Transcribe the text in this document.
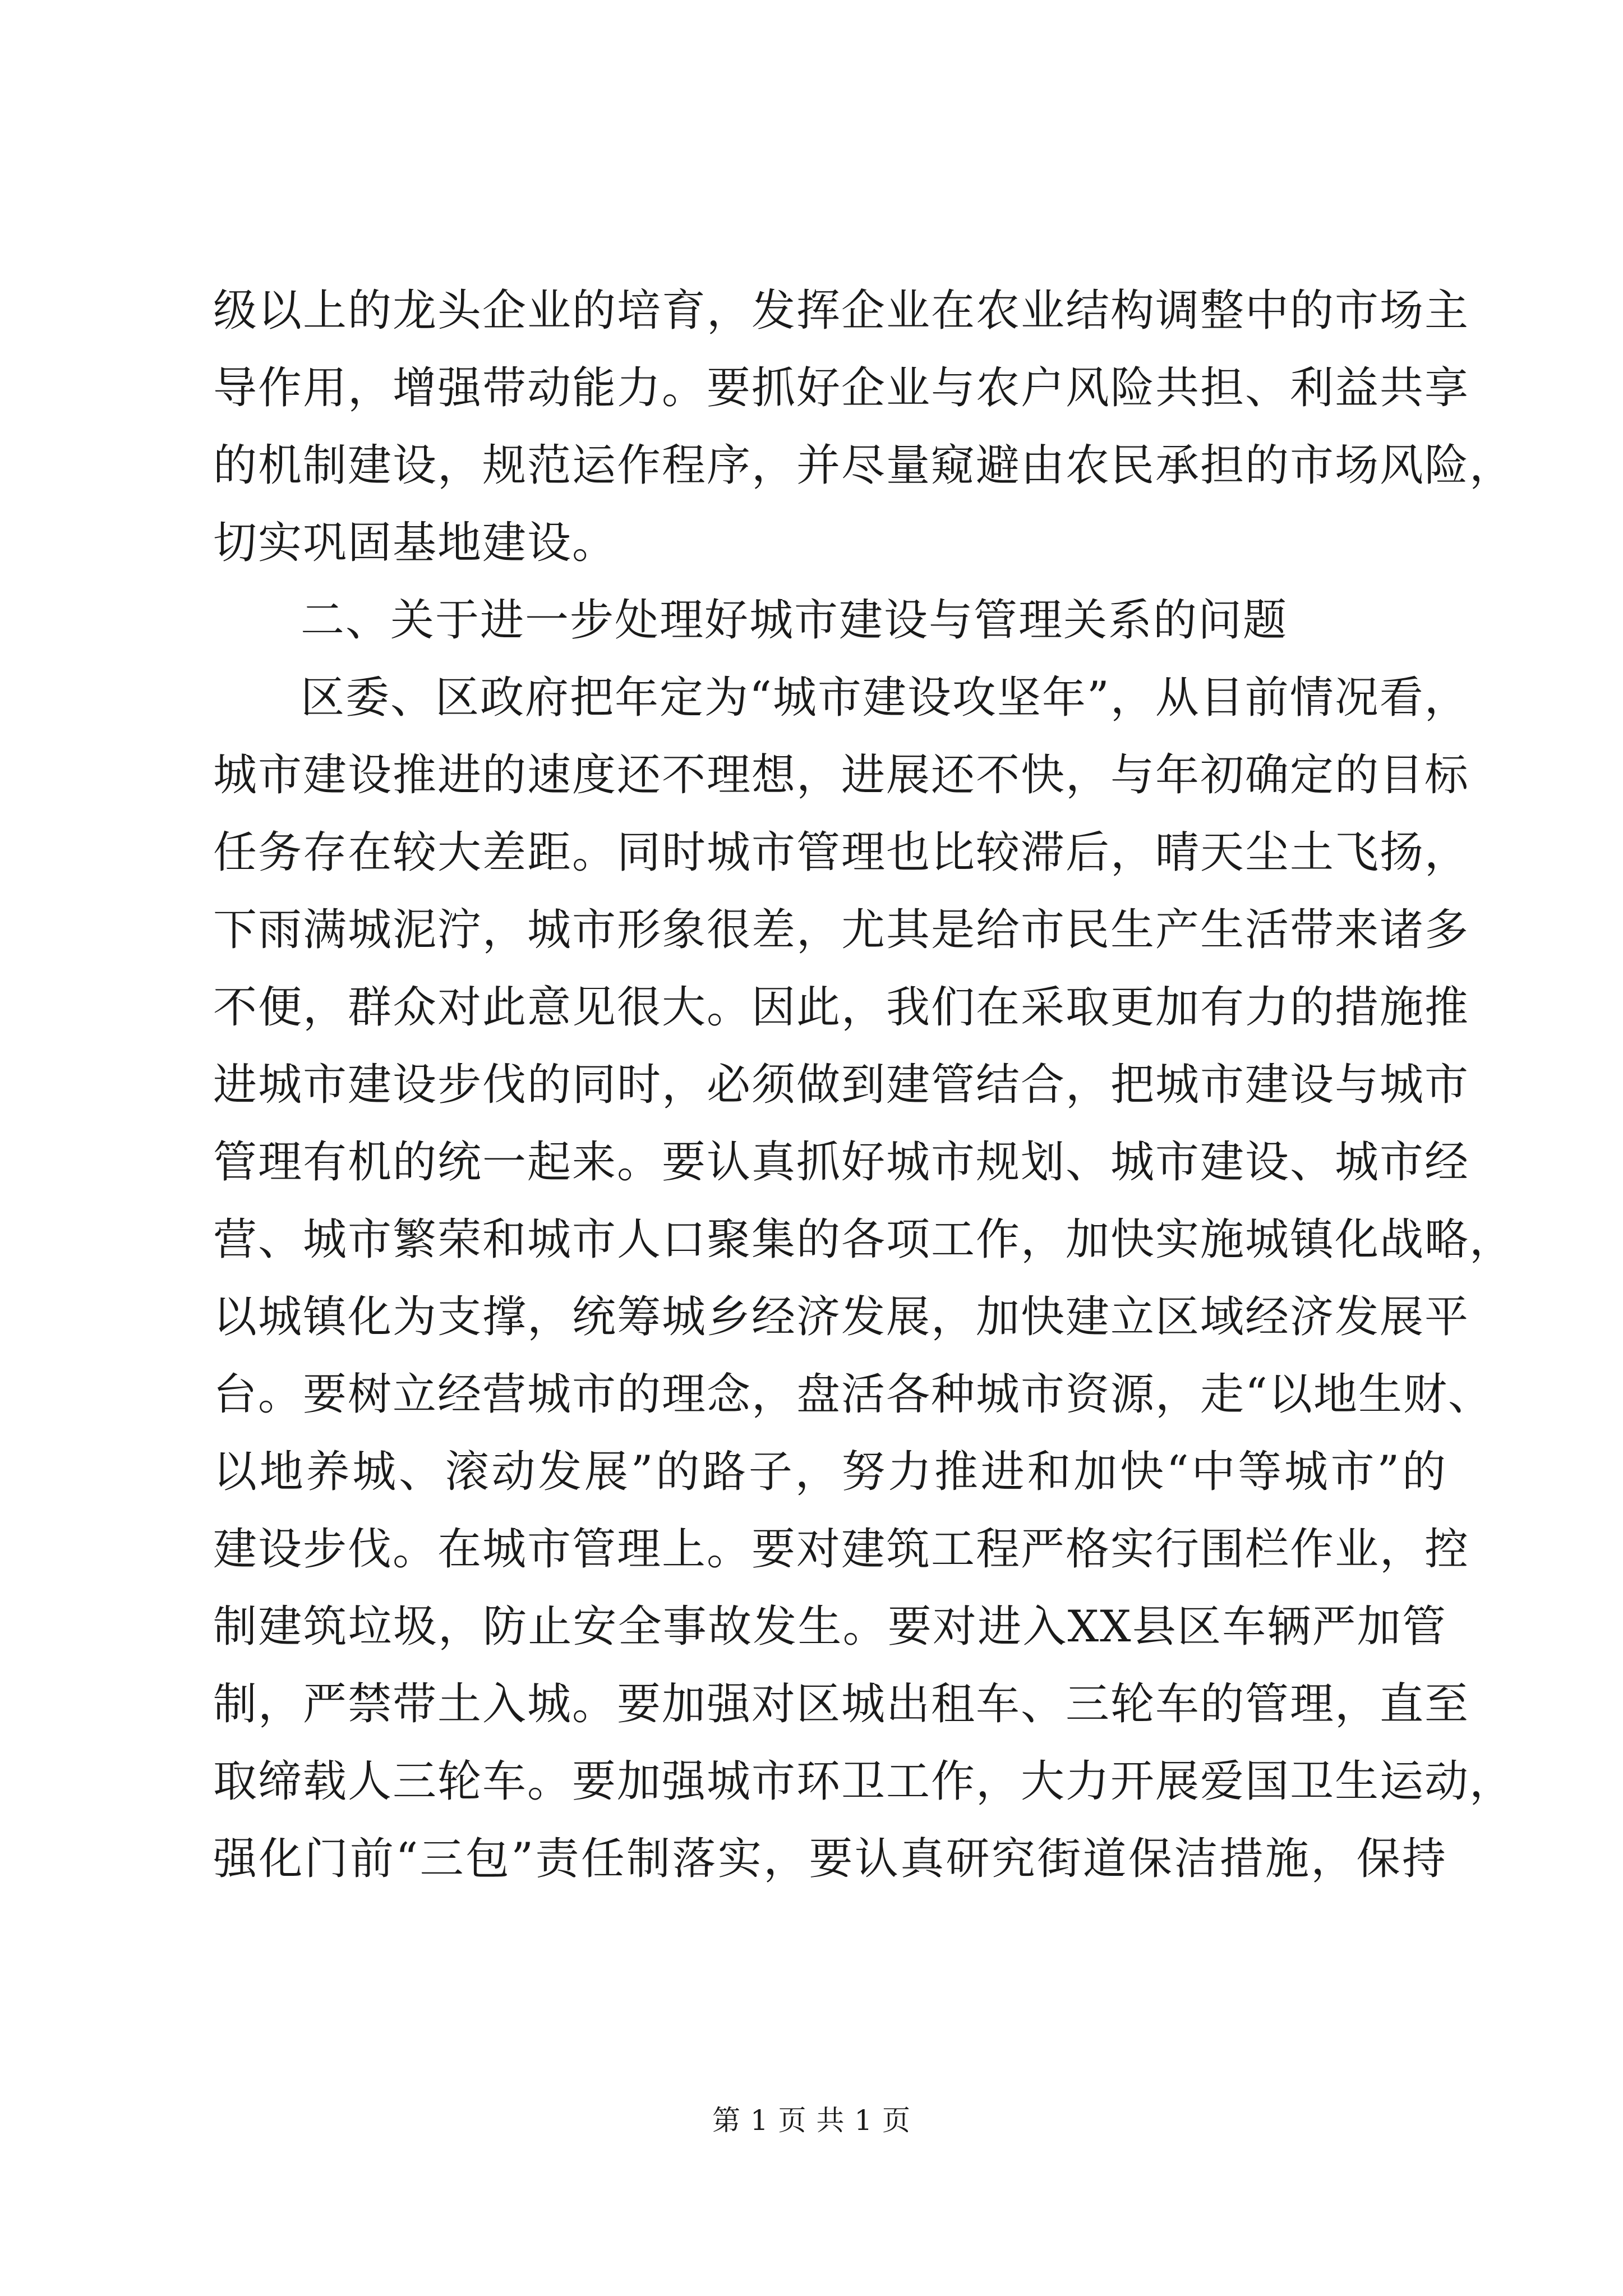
级以上的龙头企业的培育，发挥企业在农业结构调整中的市场主
导作用，增强带动能力。要抓好企业与农户风险共担、利益共享
的机制建设，规范运作程序，并尽量窥避由农民承担的市场风险，
切实巩固基地建设。
二、关于进一步处理好城市建设与管理关系的问题
区委、区政府把年定为“城市建设攻坚年”，从目前情况看，
城市建设推进的速度还不理想，进展还不快，与年初确定的目标
任务存在较大差距。同时城市管理也比较滞后，晴天尘土飞扬，
下雨满城泥泞，城市形象很差，尤其是给市民生产生活带来诸多
不便，群众对此意见很大。因此，我们在采取更加有力的措施推
进城市建设步伐的同时，必须做到建管结合，把城市建设与城市
管理有机的统一起来。要认真抓好城市规划、城市建设、城市经
营、城市繁荣和城市人口聚集的各项工作，加快实施城镇化战略，
以城镇化为支撑，统筹城乡经济发展，加快建立区域经济发展平
台。要树立经营城市的理念，盘活各种城市资源，走“以地生财、
以地养城、滚动发展”的路子，努力推进和加快“中等城市”的
建设步伐。在城市管理上。要对建筑工程严格实行围栏作业，控
制建筑垃圾，防止安全事故发生。要对进入XX县区车辆严加管
制，严禁带土入城。要加强对区城出租车、三轮车的管理，直至
取缔载人三轮车。要加强城市环卫工作，大力开展爱国卫生运动，
强化门前“三包”责任制落实，要认真研究街道保洁措施，保持
第 1 页 共 1 页
